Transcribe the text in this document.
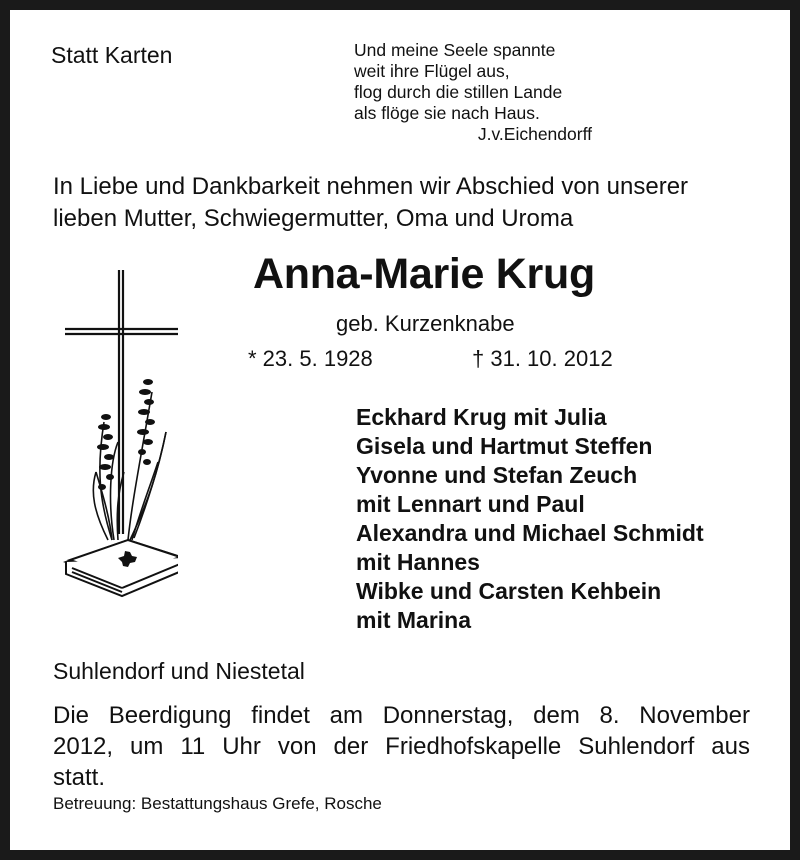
Statt Karten	Und meine Seele spannte
weit ihre Flügel aus,
flog durch die stillen Lande
als flöge sie nach Haus.
J.v.Eichendorff
In Liebe und Dankbarkeit nehmen wir Abschied von unserer
lieben Mutter, Schwiegermutter, Oma und Uroma
Anna-Marie Krug
geb. Kurzenknabe
* 23. 5. 1928	† 31. 10. 2012
Eckhard Krug mit Julia
Gisela und Hartmut Steffen
Yvonne und Stefan Zeuch
mit Lennart und Paul
Alexandra und Michael Schmidt
mit Hannes
Wibke und Carsten Kehbein
mit Marina
Suhlendorf und Niestetal
Die Beerdigung findet am Donnerstag, dem 8. November
2012, um 11 Uhr von der Friedhofskapelle Suhlendorf aus
statt.
Betreuung: Bestattungshaus Grefe, Rosche
